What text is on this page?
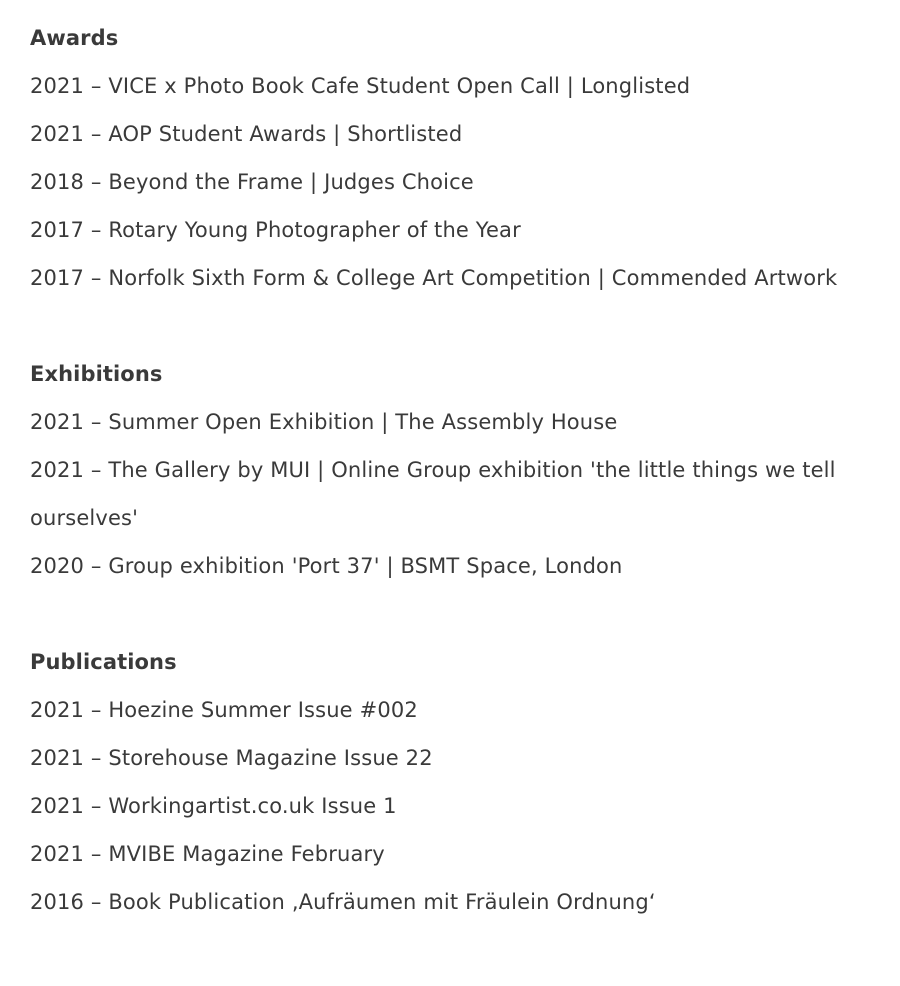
Awards
2021 – VICE x Photo Book Cafe Student Open Call | Longlisted
2021 – AOP Student Awards | Shortlisted
2018 – Beyond the Frame | Judges Choice
2017 – Rotary Young Photographer of the Year
2017 – Norfolk Sixth Form & College Art Competition | Commended Artwork
Exhibitions
2021 – Summer Open Exhibition | The Assembly House
2021 – The Gallery by MUI | Online Group exhibition 'the little things we tell ourselves'
2020 – Group exhibition 'Port 37' | BSMT Space, London
Publications
2021 – Hoezine Summer Issue #002
2021 – Storehouse Magazine Issue 22
2021 – Workingartist.co.uk Issue 1
2021 – MVIBE Magazine February
2016 – Book Publication ‚Aufräumen mit Fräulein Ordnung‘
